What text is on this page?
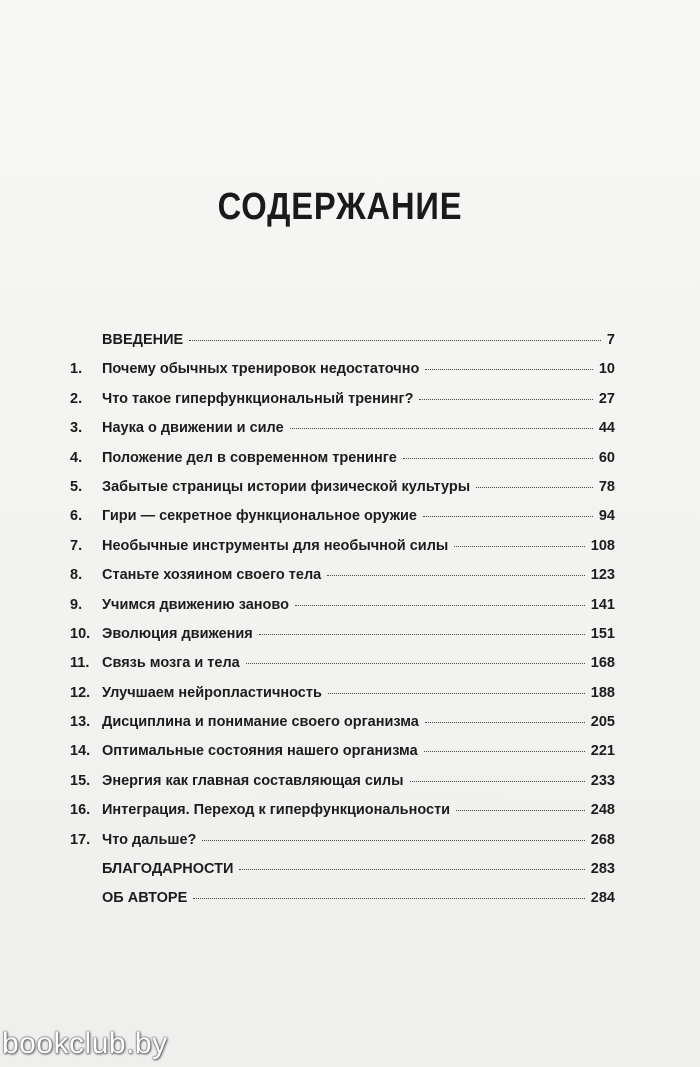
СОДЕРЖАНИЕ
ВВЕДЕНИЕ	7
1.	Почему обычных тренировок недостаточно	10
2.	Что такое гиперфункциональный тренинг?	27
3.	Наука о движении и силе	44
4.	Положение дел в современном тренинге	60
5.	Забытые страницы истории физической культуры	78
6.	Гири — секретное функциональное оружие	94
7.	Необычные инструменты для необычной силы	108
8.	Станьте хозяином своего тела	123
9.	Учимся движению заново	141
10. Эволюция движения	151
11. Связь мозга и тела	168
12. Улучшаем нейропластичность	188
13. Дисциплина и понимание своего организма	205
14. Оптимальные состояния нашего организма	221
15. Энергия как главная составляющая силы	233
16. Интеграция. Переход к гиперфункциональности	248
17. Что дальше?	268
БЛАГОДАРНОСТИ	283
ОБ АВТОРЕ	284
bookclub.by
